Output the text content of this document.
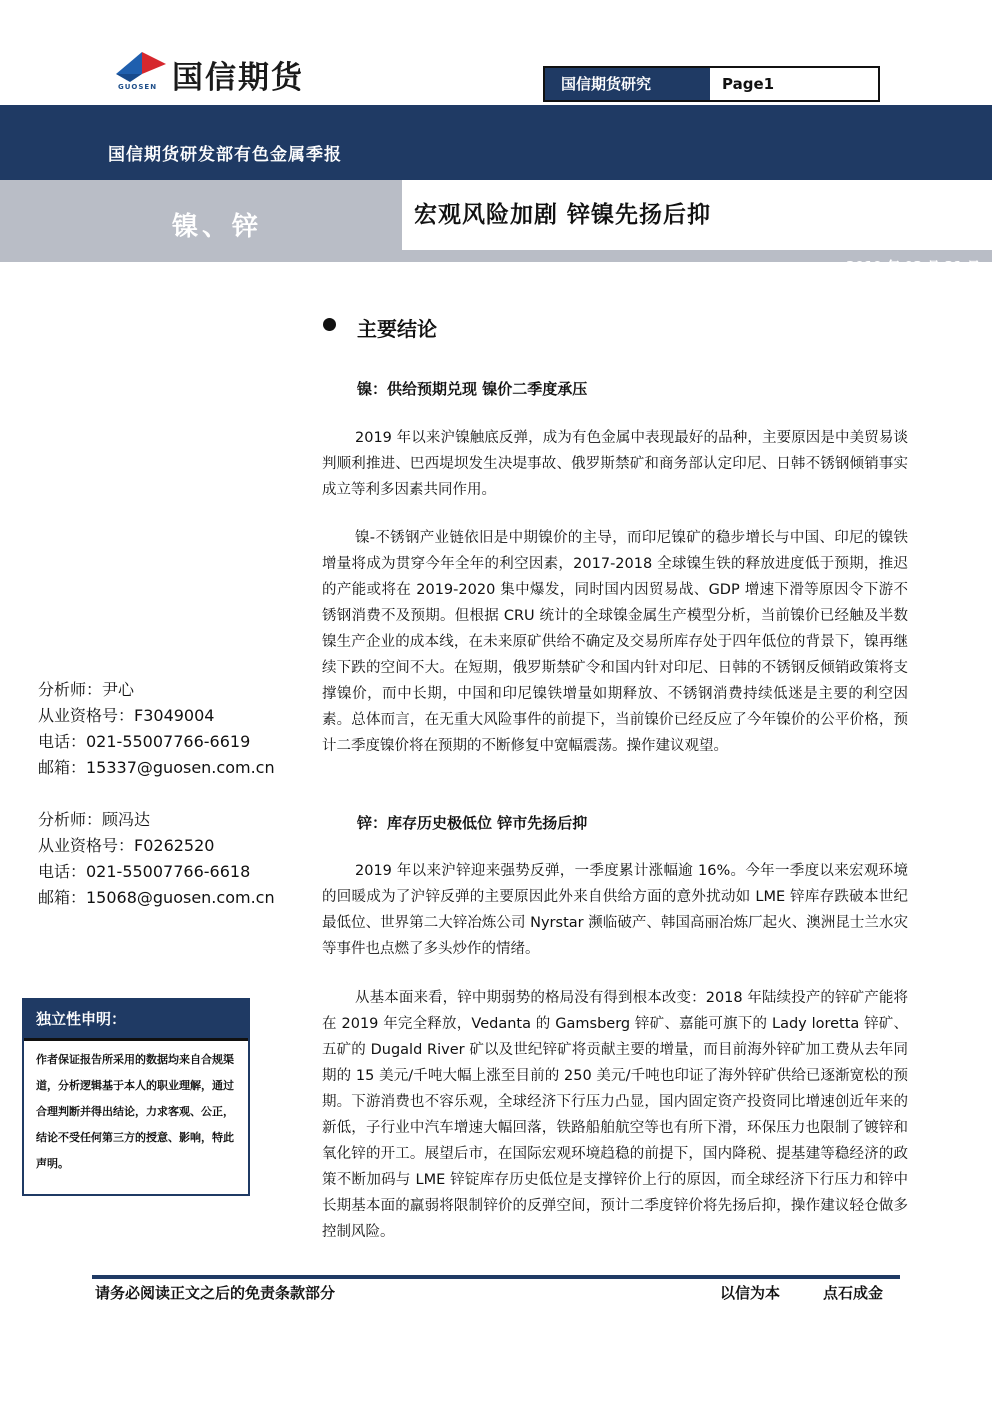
国信期货
GUOSEN	国信期货研究	Page1
国信期货研发部有色金属季报
镍、锌	宏观风险加剧 锌镍先扬后抑
2019 年 03 月 31 日
主要结论
镍：供给预期兑现 镍价二季度承压

2019 年以来沪镍触底反弹，成为有色金属中表现最好的品种，主要原因是中美贸易谈判顺利推进、巴西堤坝发生决堤事故、俄罗斯禁矿和商务部认定印尼、日韩不锈钢倾销事实成立等利多因素共同作用。

镍-不锈钢产业链依旧是中期镍价的主导，而印尼镍矿的稳步增长与中国、印尼的镍铁增量将成为贯穿今年全年的利空因素，2017-2018 全球镍生铁的释放进度低于预期，推迟的产能或将在 2019-2020 集中爆发，同时国内因贸易战、GDP 增速下滑等原因令下游不锈钢消费不及预期。但根据 CRU 统计的全球镍金属生产模型分析，当前镍价已经触及半数镍生产企业的成本线，在未来原矿供给不确定及交易所库存处于四年低位的背景下，镍再继续下跌的空间不大。在短期，俄罗斯禁矿令和国内针对印尼、日韩的不锈钢反倾销政策将支撑镍价，而中长期，中国和印尼镍铁增量如期释放、不锈钢消费持续低迷是主要的利空因素。总体而言，在无重大风险事件的前提下，当前镍价已经反应了今年镍价的公平价格，预计二季度镍价将在预期的不断修复中宽幅震荡。操作建议观望。

锌：库存历史极低位 锌市先扬后抑

2019 年以来沪锌迎来强势反弹，一季度累计涨幅逾 16%。今年一季度以来宏观环境的回暖成为了沪锌反弹的主要原因此外来自供给方面的意外扰动如 LME 锌库存跌破本世纪最低位、世界第二大锌冶炼公司 Nyrstar 濒临破产、韩国高丽冶炼厂起火、澳洲昆士兰水灾等事件也点燃了多头炒作的情绪。

从基本面来看，锌中期弱势的格局没有得到根本改变：2018 年陆续投产的锌矿产能将在 2019 年完全释放，Vedanta 的 Gamsberg 锌矿、嘉能可旗下的 Lady loretta 锌矿、五矿的 Dugald River 矿以及世纪锌矿将贡献主要的增量，而目前海外锌矿加工费从去年同期的 15 美元/千吨大幅上涨至目前的 250 美元/千吨也印证了海外锌矿供给已逐渐宽松的预期。下游消费也不容乐观，全球经济下行压力凸显，国内固定资产投资同比增速创近年来的新低，子行业中汽车增速大幅回落，铁路船舶航空等也有所下滑，环保压力也限制了镀锌和氧化锌的开工。展望后市，在国际宏观环境趋稳的前提下，国内降税、提基建等稳经济的政策不断加码与 LME 锌锭库存历史低位是支撑锌价上行的原因，而全球经济下行压力和锌中长期基本面的羸弱将限制锌价的反弹空间，预计二季度锌价将先扬后抑，操作建议轻仓做多控制风险。

分析师：尹心
从业资格号：F3049004
电话：021-55007766-6619
邮箱：15337@guosen.com.cn
分析师：顾冯达
从业资格号：F0262520
电话：021-55007766-6618
邮箱：15068@guosen.com.cn
独立性申明：
作者保证报告所采用的数据均来自合规渠道，分析逻辑基于本人的职业理解，通过合理判断并得出结论，力求客观、公正，结论不受任何第三方的授意、影响，特此声明。
请务必阅读正文之后的免责条款部分	以信为本	点石成金
